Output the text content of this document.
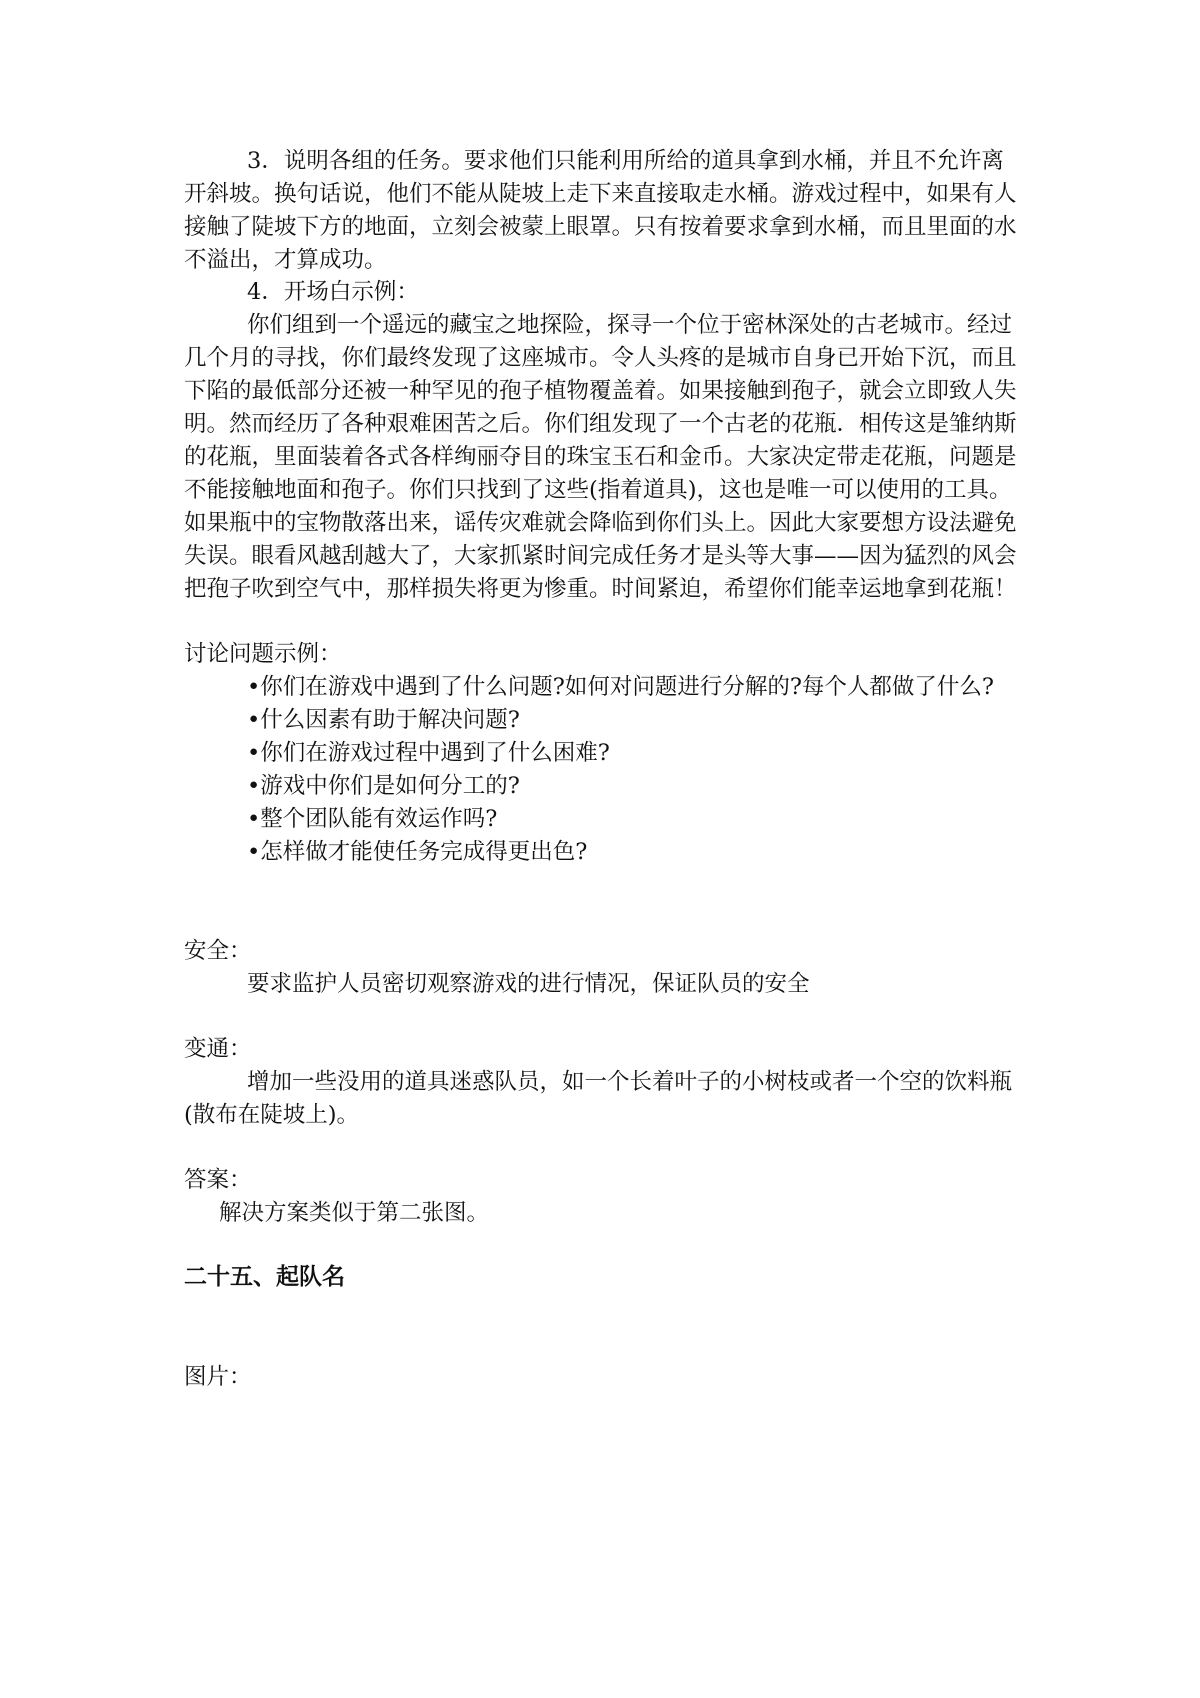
3．说明各组的任务。要求他们只能利用所给的道具拿到水桶，并且不允许离开斜坡。换句话说，他们不能从陡坡上走下来直接取走水桶。游戏过程中，如果有人接触了陡坡下方的地面，立刻会被蒙上眼罩。只有按着要求拿到水桶，而且里面的水不溢出，才算成功。

4．开场白示例：

你们组到一个遥远的藏宝之地探险，探寻一个位于密林深处的古老城市。经过几个月的寻找，你们最终发现了这座城市。令人头疼的是城市自身已开始下沉，而且下陷的最低部分还被一种罕见的孢子植物覆盖着。如果接触到孢子，就会立即致人失明。然而经历了各种艰难困苦之后。你们组发现了一个古老的花瓶．相传这是雏纳斯的花瓶，里面装着各式各样绚丽夺目的珠宝玉石和金币。大家决定带走花瓶，问题是不能接触地面和孢子。你们只找到了这些(指着道具)，这也是唯一可以使用的工具。如果瓶中的宝物散落出来，谣传灾难就会降临到你们头上。因此大家要想方设法避免失误。眼看风越刮越大了，大家抓紧时间完成任务才是头等大事——因为猛烈的风会把孢子吹到空气中，那样损失将更为惨重。时间紧迫，希望你们能幸运地拿到花瓶！

讨论问题示例：

•你们在游戏中遇到了什么问题?如何对问题进行分解的?每个人都做了什么?
•什么因素有助于解决问题?
•你们在游戏过程中遇到了什么困难?
•游戏中你们是如何分工的?
•整个团队能有效运作吗?
•怎样做才能使任务完成得更出色?

安全：

要求监护人员密切观察游戏的进行情况，保证队员的安全

变通：

增加一些没用的道具迷惑队员，如一个长着叶子的小树枝或者一个空的饮料瓶(散布在陡坡上)。

答案：

解决方案类似于第二张图。

二十五、起队名

图片：
